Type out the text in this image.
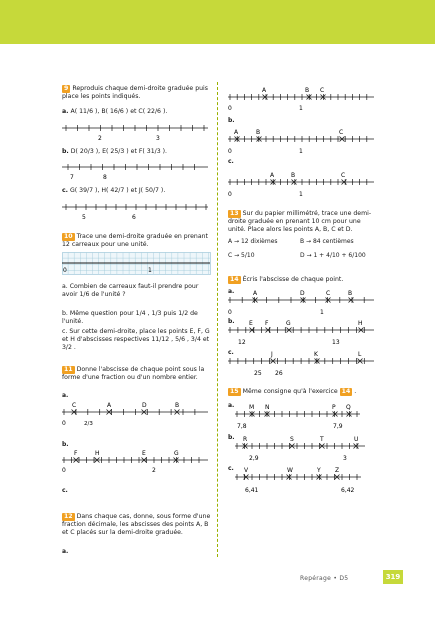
9 Reproduis chaque demi-droite graduée puis place les points indiqués.
a. A( 11/6 ), B( 16/6 ) et C( 22/6 ).
2	3
b. D( 20/3 ), E( 25/3 ) et F( 31/3 ).
7	8
c. G( 39/7 ), H( 42/7 ) et J( 50/7 ).
5	6
10 Trace une demi-droite graduée en prenant 12 carreaux pour une unité.
0	1
a. Combien de carreaux faut-il prendre pour avoir 1/6 de l'unité ?
b. Même question pour 1/4 , 1/3 puis 1/2 de l'unité.
c. Sur cette demi-droite, place les points E, F, G et H d'abscisses respectives 11/12 , 5/6 , 3/4 et 3/2 .
11 Donne l'abscisse de chaque point sous la forme d'une fraction ou d'un nombre entier.
a.
C	A	D	B
0	2/3
b.
F	H	E	G
0	2
c.
12 Dans chaque cas, donne, sous forme d'une fraction décimale, les abscisses des points A, B et C placés sur la demi-droite graduée.
a.
A	B C
0	1
b.
A	B	C
0	1
c.
A	B	C
0	1
13 Sur du papier millimétré, trace une demi-droite graduée en prenant 10 cm pour une unité. Place alors les points A, B, C et D.
A → 12 dixièmes	B → 84 centièmes
C → 5/10	D → 1 + 4/10 + 6/100
14 Écris l'abscisse de chaque point.
a.	A	D	C	B
0	1
b. E F	G	H
12	13
c.	J	K	L
25 26
15 Même consigne qu'à l'exercice 14 .
a. M N	P Q
7,8	7,9
b. R	S	T	U
2,9	3
c. V	W	Y Z
6,41	6,42
Repérage • D5	319
